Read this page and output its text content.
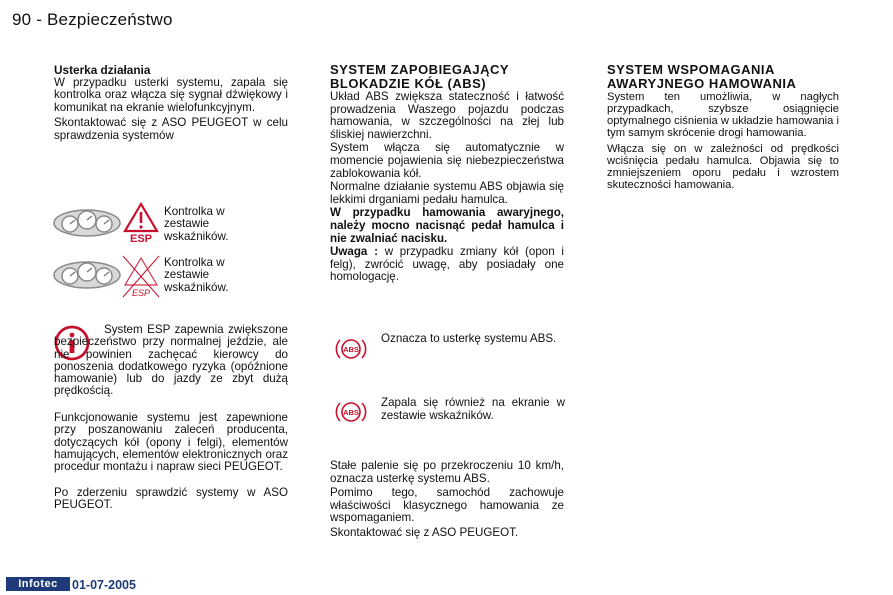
90 - Bezpieczeństwo

Usterka działania

W przypadku usterki systemu, zapala się kontrolka oraz włącza się sygnał dźwiękowy i komunikat na ekranie wielofunkcyjnym.

Skontaktować się z ASO PEUGEOT w celu sprawdzenia systemów

ESP
Kontrolka w zestawie wskaźników.
ESP
Kontrolka w zestawie wskaźników.
System ESP zapewnia zwiększone bezpieczeństwo przy normalnej jeździe, ale nie powinien zachęcać kierowcy do ponoszenia dodatkowego ryzyka (opóźnione hamowanie) lub do jazdy ze zbyt dużą prędkością.
Funkcjonowanie systemu jest zapewnione przy poszanowaniu zaleceń producenta, dotyczących kół (opony i felgi), elementów hamujących, elementów elektronicznych oraz procedur montażu i napraw sieci PEUGEOT.
Po zderzeniu sprawdzić systemy w ASO PEUGEOT.

SYSTEM ZAPOBIEGAJĄCY BLOKADZIE KÓŁ (ABS)

Układ ABS zwiększa stateczność i łatwość prowadzenia Waszego pojazdu podczas hamowania, w szczególności na złej lub śliskiej nawierzchni.

System włącza się automatycznie w momencie pojawienia się niebezpieczeństwa zablokowania kół.

Normalne działanie systemu ABS objawia się lekkimi drganiami pedału hamulca.

W przypadku hamowania awaryjnego, należy mocno nacisnąć pedał hamulca i nie zwalniać nacisku.

Uwaga : w przypadku zmiany kół (opon i felg), zwrócić uwagę, aby posiadały one homologację.

ABS
Oznacza to usterkę systemu ABS.
ABS
Zapala się również na ekranie w zestawie wskaźników.

Stałe palenie się po przekroczeniu 10 km/h, oznacza usterkę systemu ABS.

Pomimo tego, samochód zachowuje właściwości klasycznego hamowania ze wspomaganiem.

Skontaktować się z ASO PEUGEOT.

SYSTEM WSPOMAGANIA AWARYJNEGO HAMOWANIA

System ten umożliwia, w nagłych przypadkach, szybsze osiągnięcie optymalnego ciśnienia w układzie hamowania i tym samym skrócenie drogi hamowania.

Włącza się on w zależności od prędkości wciśnięcia pedału hamulca. Objawia się to zmniejszeniem oporu pedału i wzrostem skuteczności hamowania.

Infotec	01-07-2005
